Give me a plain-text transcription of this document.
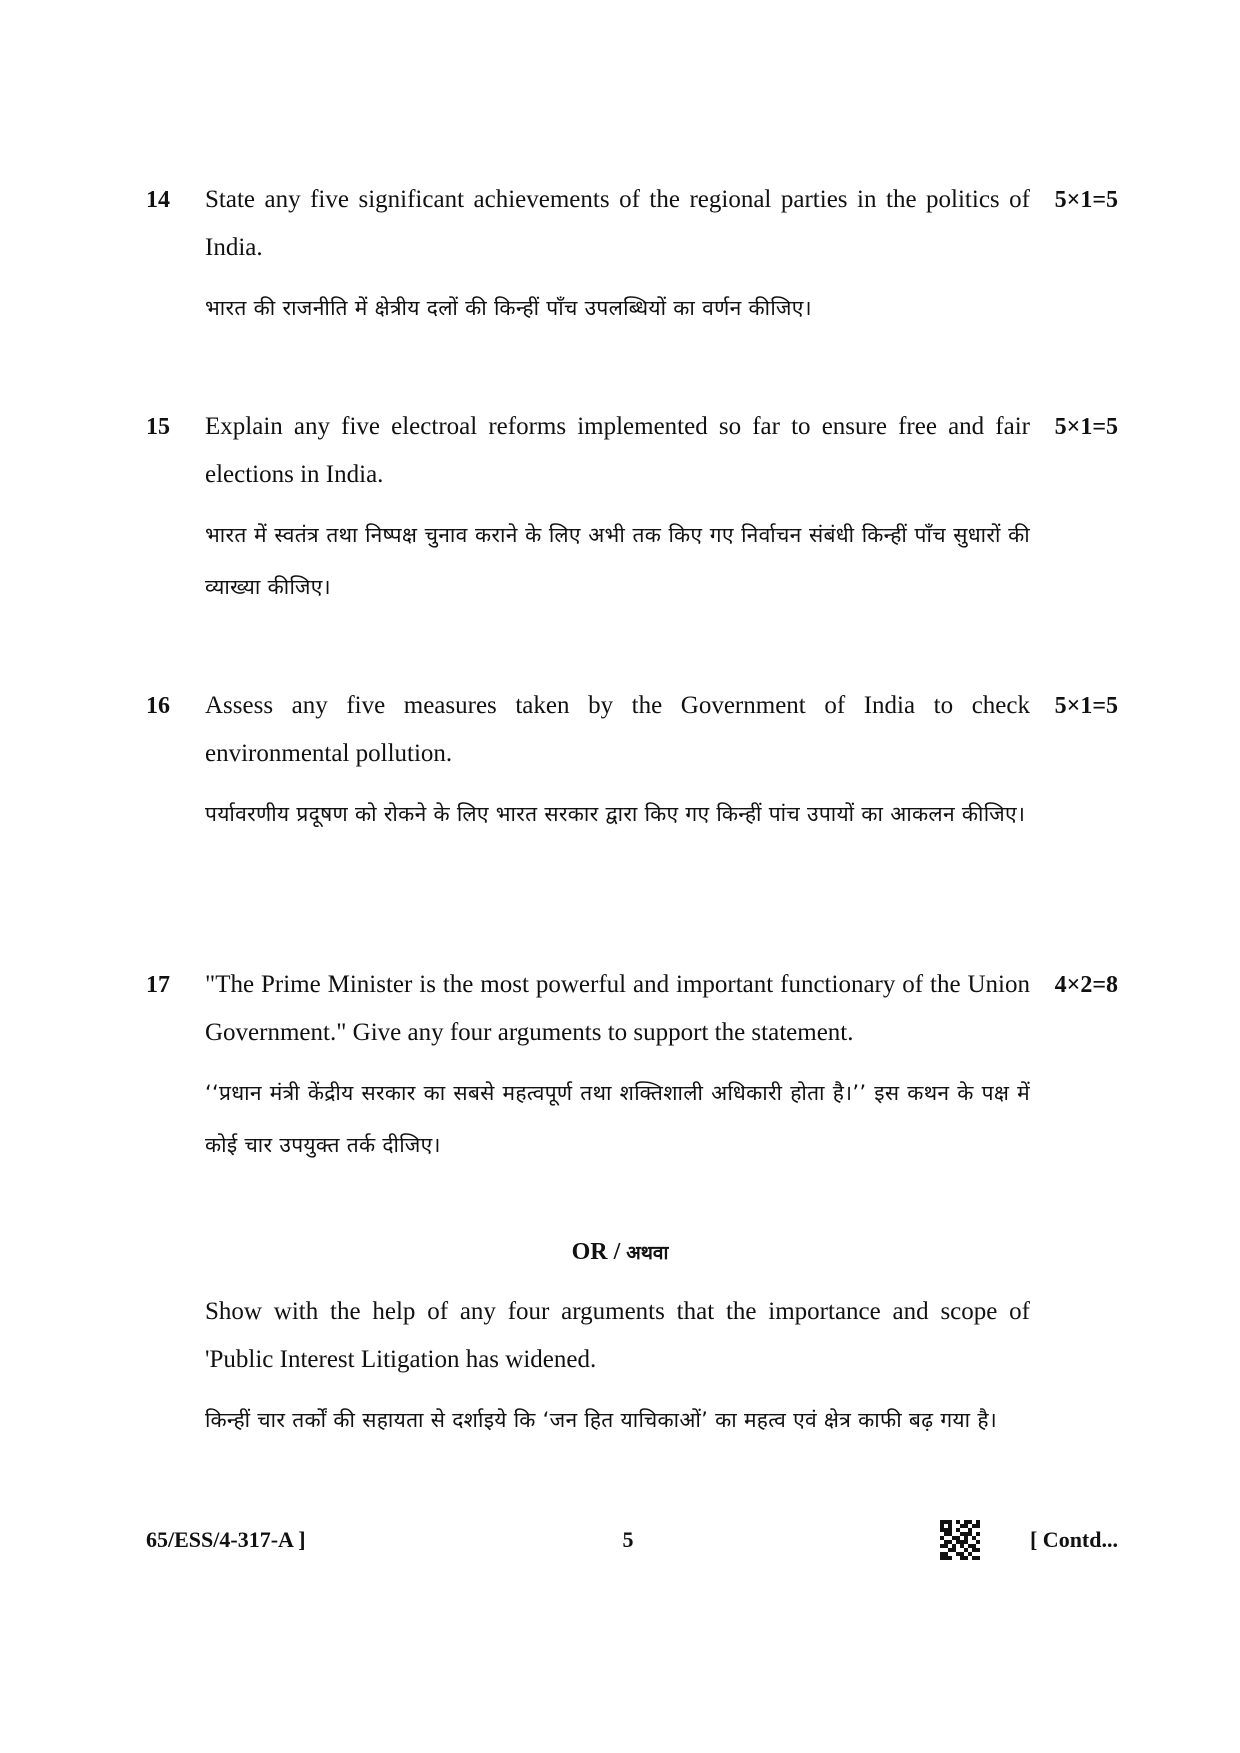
14 State any five significant achievements of the regional parties in the politics of India.

भारत की राजनीति में क्षेत्रीय दलों की किन्हीं पाँच उपलब्धियों का वर्णन कीजिए।

5×1=5
15 Explain any five electroal reforms implemented so far to ensure free and fair elections in India.

भारत में स्वतंत्र तथा निष्पक्ष चुनाव कराने के लिए अभी तक किए गए निर्वाचन संबंधी किन्हीं पाँच सुधारों की व्याख्या कीजिए।

5×1=5
16 Assess any five measures taken by the Government of India to check environmental pollution.

पर्यावरणीय प्रदूषण को रोकने के लिए भारत सरकार द्वारा किए गए किन्हीं पांच उपायों का आकलन कीजिए।

5×1=5
17 "The Prime Minister is the most powerful and important functionary of the Union Government." Give any four arguments to support the statement.

‘‘प्रधान मंत्री केंद्रीय सरकार का सबसे महत्वपूर्ण तथा शक्तिशाली अधिकारी होता है।’’ इस कथन के पक्ष में कोई चार उपयुक्त तर्क दीजिए।

4×2=8
OR / अथवा

Show with the help of any four arguments that the importance and scope of 'Public Interest Litigation has widened.

किन्हीं चार तर्कों की सहायता से दर्शाइये कि ‘जन हित याचिकाओं’ का महत्व एवं क्षेत्र काफी बढ़ गया है।

65/ESS/4-317-A ]	5	[ Contd...
